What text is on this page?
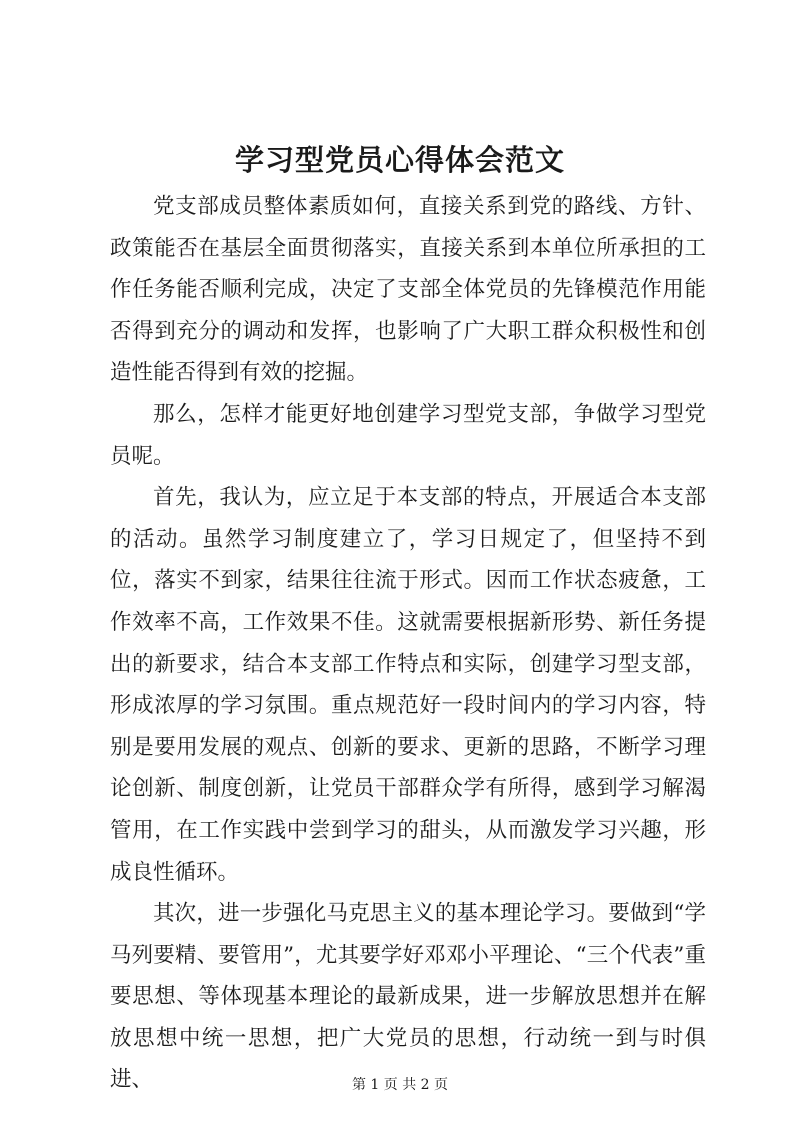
学习型党员心得体会范文

党支部成员整体素质如何，直接关系到党的路线、方针、政策能否在基层全面贯彻落实，直接关系到本单位所承担的工作任务能否顺利完成，决定了支部全体党员的先锋模范作用能否得到充分的调动和发挥，也影响了广大职工群众积极性和创造性能否得到有效的挖掘。

那么，怎样才能更好地创建学习型党支部，争做学习型党员呢。

首先，我认为，应立足于本支部的特点，开展适合本支部的活动。虽然学习制度建立了，学习日规定了，但坚持不到位，落实不到家，结果往往流于形式。因而工作状态疲惫，工作效率不高，工作效果不佳。这就需要根据新形势、新任务提出的新要求，结合本支部工作特点和实际，创建学习型支部，形成浓厚的学习氛围。重点规范好一段时间内的学习内容，特别是要用发展的观点、创新的要求、更新的思路，不断学习理论创新、制度创新，让党员干部群众学有所得，感到学习解渴管用，在工作实践中尝到学习的甜头，从而激发学习兴趣，形成良性循环。

其次，进一步强化马克思主义的基本理论学习。要做到“学马列要精、要管用”，尤其要学好邓邓小平理论、“三个代表”重要思想、等体现基本理论的最新成果，进一步解放思想并在解放思想中统一思想，把广大党员的思想，行动统一到与时俱进、	第 1 页 共 2 页
